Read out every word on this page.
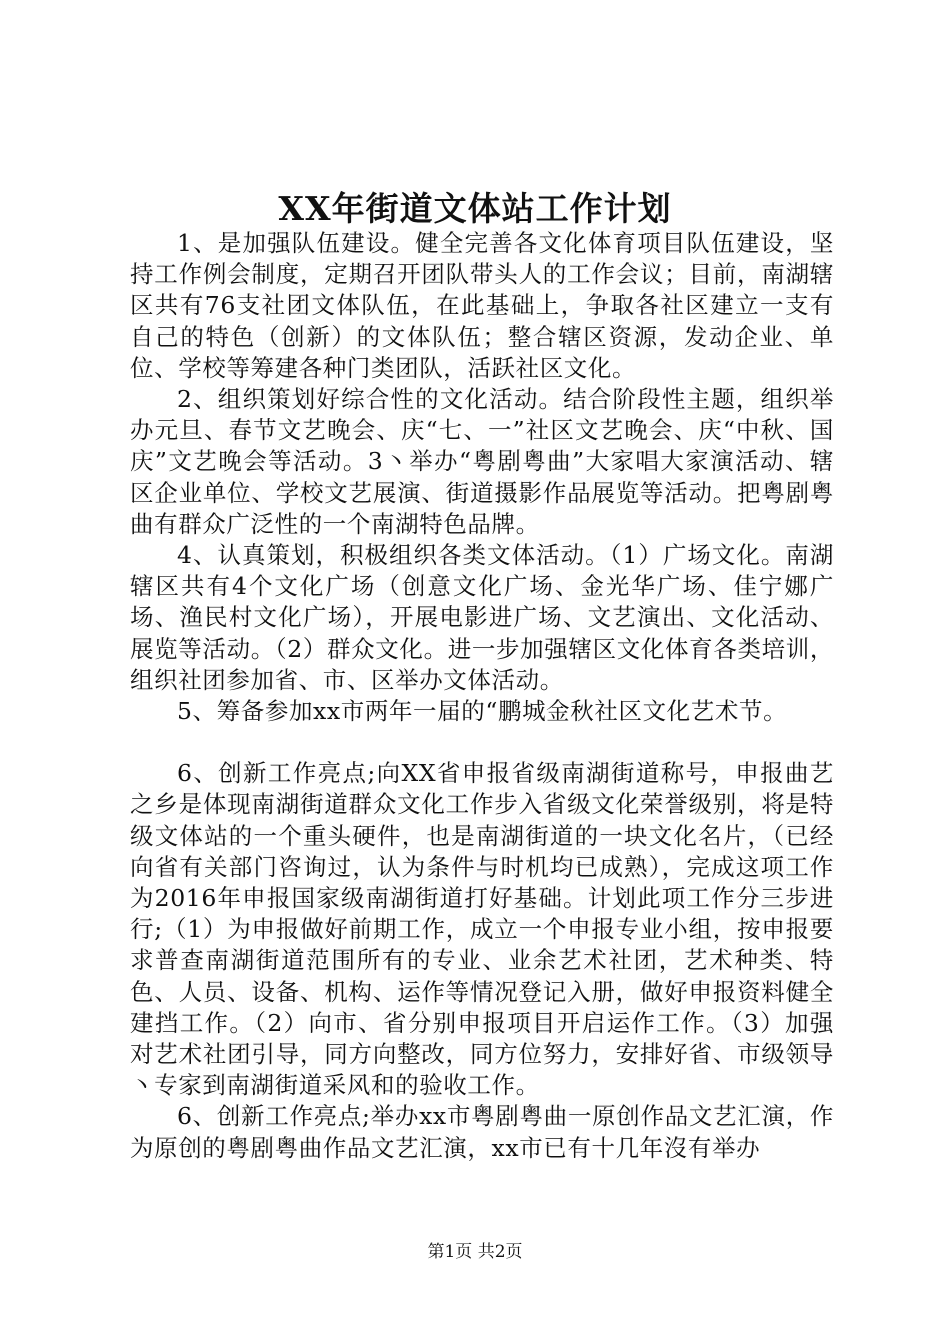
XX年街道文体站工作计划

1、是加强队伍建设。健全完善各文化体育项目队伍建设，坚持工作例会制度，定期召开团队带头人的工作会议；目前，南湖辖区共有76支社团文体队伍，在此基础上，争取各社区建立一支有自己的特色（创新）的文体队伍；整合辖区资源，发动企业、单位、学校等筹建各种门类团队，活跃社区文化。

2、组织策划好综合性的文化活动。结合阶段性主题，组织举办元旦、春节文艺晚会、庆“七、一”社区文艺晚会、庆“中秋、国庆”文艺晚会等活动。3丶举办“粤剧粤曲”大家唱大家演活动、辖区企业单位、学校文艺展演、街道摄影作品展览等活动。把粤剧粤曲有群众广泛性的一个南湖特色品牌。

4、认真策划，积极组织各类文体活动。（1）广场文化。南湖辖区共有4个文化广场（创意文化广场、金光华广场、佳宁娜广场、渔民村文化广场），开展电影进广场、文艺演出、文化活动、展览等活动。（2）群众文化。进一步加强辖区文化体育各类培训，组织社团参加省、市、区举办文体活动。

5、筹备参加xx市两年一届的“鹏城金秋社区文化艺术节。

6、创新工作亮点;向XX省申报省级南湖街道称号，申报曲艺之乡是体现南湖街道群众文化工作步入省级文化荣誉级别，将是特级文体站的一个重头硬件，也是南湖街道的一块文化名片，（已经向省有关部门咨询过，认为条件与时机均已成熟），完成这项工作为2016年申报国家级南湖街道打好基础。计划此项工作分三步进行;（1）为申报做好前期工作，成立一个申报专业小组，按申报要求普查南湖街道范围所有的专业、业余艺术社团，艺术种类、特色、人员、设备、机构、运作等情况登记入册，做好申报资料健全建挡工作。（2）向市、省分别申报项目开启运作工作。（3）加强对艺术社团引导，同方向整改，同方位努力，安排好省、市级领导丶专家到南湖街道采风和的验收工作。

6、创新工作亮点;举办xx市粤剧粤曲一原创作品文艺汇演，作为原创的粤剧粤曲作品文艺汇演，xx市已有十几年沒有举办

第1页 共2页
